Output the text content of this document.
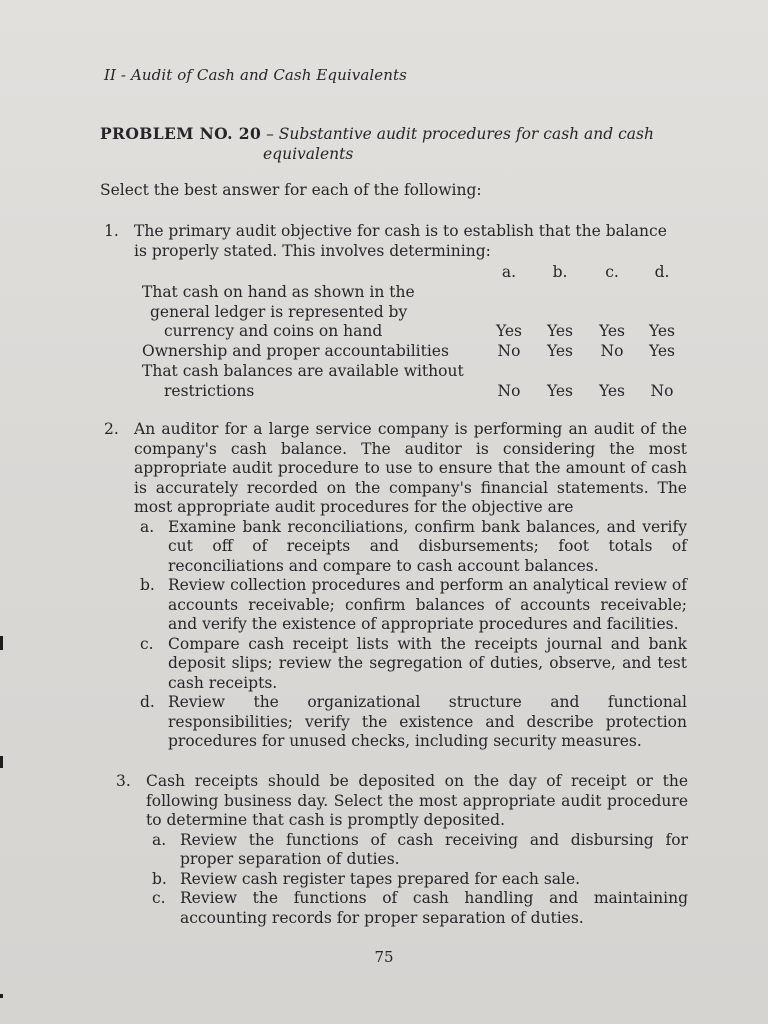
II - Audit of Cash and Cash Equivalents
PROBLEM NO. 20 – Substantive audit procedures for cash and cash
equivalents
Select the best answer for each of the following:
1. The primary audit objective for cash is to establish that the balance
is properly stated. This involves determining:
a.	b.	c.	d.
That cash on hand as shown in the
general ledger is represented by
currency and coins on hand	Yes	Yes	Yes	Yes
Ownership and proper accountabilities	No	Yes	No	Yes
That cash balances are available without
restrictions	No	Yes	Yes	No
2. An auditor for a large service company is performing an audit of the company's cash balance. The auditor is considering the most appropriate audit procedure to use to ensure that the amount of cash is accurately recorded on the company's financial statements. The most appropriate audit procedures for the objective are
a. Examine bank reconciliations, confirm bank balances, and verify cut off of receipts and disbursements; foot totals of reconciliations and compare to cash account balances.
b. Review collection procedures and perform an analytical review of accounts receivable; confirm balances of accounts receivable; and verify the existence of appropriate procedures and facilities.
c. Compare cash receipt lists with the receipts journal and bank deposit slips; review the segregation of duties, observe, and test cash receipts.
d. Review the organizational structure and functional responsibilities; verify the existence and describe protection procedures for unused checks, including security measures.
3. Cash receipts should be deposited on the day of receipt or the following business day. Select the most appropriate audit procedure to determine that cash is promptly deposited.
a. Review the functions of cash receiving and disbursing for proper separation of duties.
b. Review cash register tapes prepared for each sale.
c. Review the functions of cash handling and maintaining accounting records for proper separation of duties.
75
